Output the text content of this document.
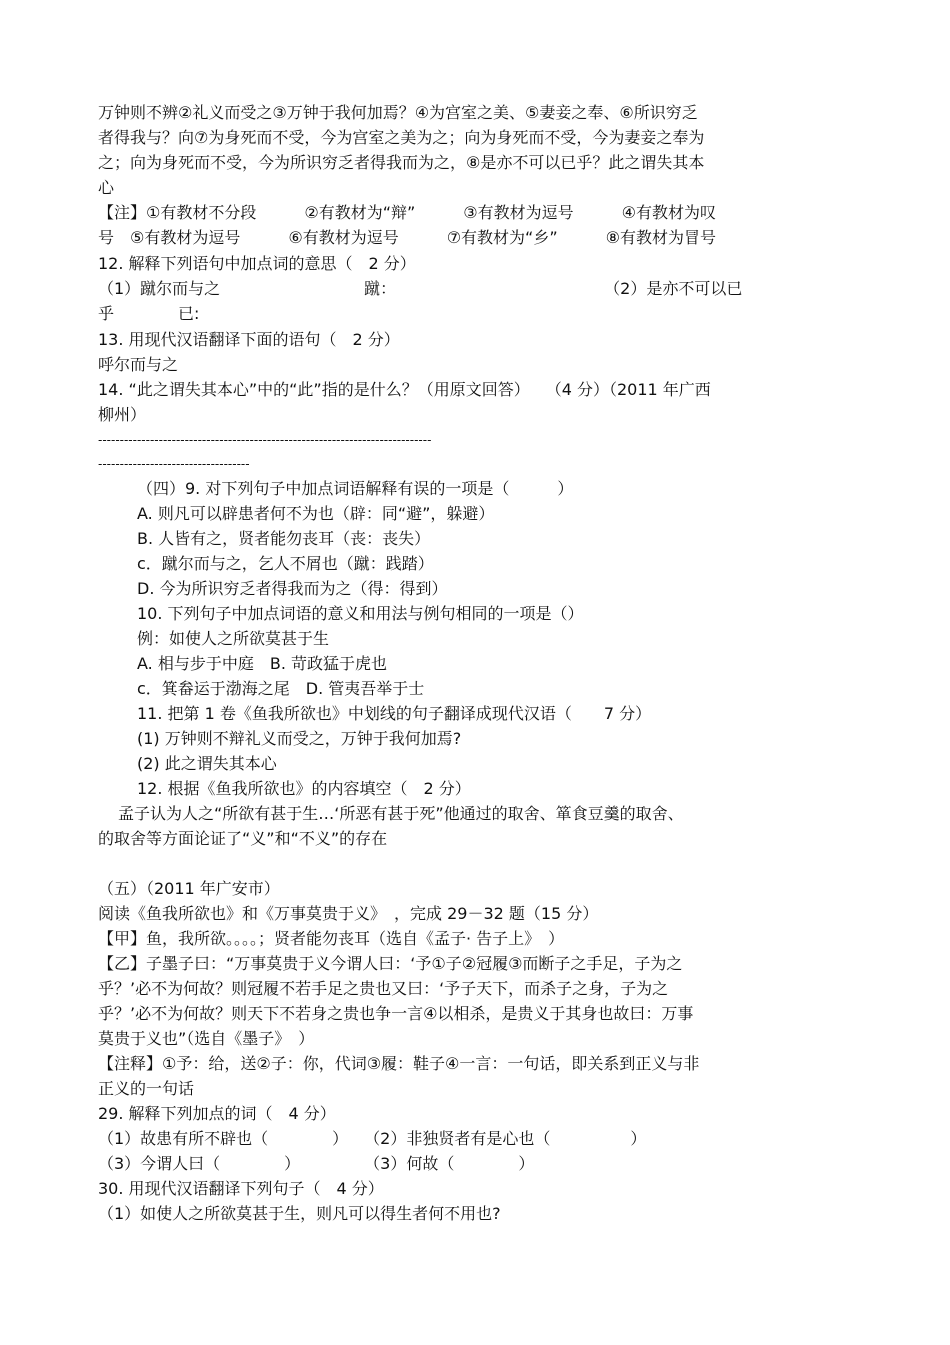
万钟则不辨②礼义而受之③万钟于我何加焉？④为宫室之美、⑤妻妾之奉、⑥所识穷乏
者得我与？向⑦为身死而不受，今为宫室之美为之；向为身死而不受，今为妻妾之奉为
之；向为身死而不受，今为所识穷乏者得我而为之，⑧是亦不可以已乎？此之谓失其本
心
【注】①有教材不分段　　　②有教材为“辩”　　　③有教材为逗号　　　④有教材为叹
号　⑤有教材为逗号　　　⑥有教材为逗号　　　⑦有教材为“乡”　　　⑧有教材为冒号
12. 解释下列语句中加点词的意思（　2 分）
（1）蹴尔而与之　　　　　　　　　蹴：　　　　　　　　　　　　　　（2）是亦不可以已
乎　　　　已:
13. 用现代汉语翻译下面的语句（　2 分）
呼尔而与之
14. “此之谓失其本心”中的“此”指的是什么？（用原文回答）　　（4 分）（2011 年广西
柳州）
-----------------------------------------------------------------------------
-----------------------------------
（四）9. 对下列句子中加点词语解释有误的一项是（　　　）
A. 则凡可以辟患者何不为也（辟：同“避”，躲避）
B. 人皆有之，贤者能勿丧耳（丧：丧失）
c．蹴尔而与之，乞人不屑也（蹴：践踏）
D. 今为所识穷乏者得我而为之（得：得到）
10. 下列句子中加点词语的意义和用法与例句相同的一项是（）
例：如使人之所欲莫甚于生
A. 相与步于中庭　B. 苛政猛于虎也
c．箕畚运于渤海之尾　D. 管夷吾举于士
11. 把第 1 卷《鱼我所欲也》中划线的句子翻译成现代汉语（　　7 分）
(1) 万钟则不辩礼义而受之，万钟于我何加焉?
(2) 此之谓失其本心
12. 根据《鱼我所欲也》的内容填空（　2 分）
孟子认为人之“所欲有甚于生…‘所恶有甚于死”他通过的取舍、箪食豆羹的取舍、
的取舍等方面论证了“义”和“不义”的存在
（五）（2011 年广安市）
阅读《鱼我所欲也》和《万事莫贵于义》　，完成 29－32 题（15 分）
【甲】鱼，我所欲。。。。；贤者能勿丧耳（选自《孟子· 告子上》　）
【乙】子墨子曰：“万事莫贵于义今谓人曰：‘予①子②冠履③而断子之手足，子为之
乎？’必不为何故？则冠履不若手足之贵也又曰：‘予子天下，而杀子之身，子为之
乎？’必不为何故？则天下不若身之贵也争一言④以相杀，是贵义于其身也故曰：万事
莫贵于义也”（选自《墨子》　）
【注释】①予：给，送②子：你，代词③履：鞋子④一言：一句话，即关系到正义与非
正义的一句话
29. 解释下列加点的词（　4 分）
（1）故患有所不辟也（　　　　）　　（2）非独贤者有是心也（　　　　　）
（3）今谓人曰（　　　　）　　　　　（3）何故（　　　　）
30. 用现代汉语翻译下列句子（　4 分）
（1）如使人之所欲莫甚于生，则凡可以得生者何不用也?
